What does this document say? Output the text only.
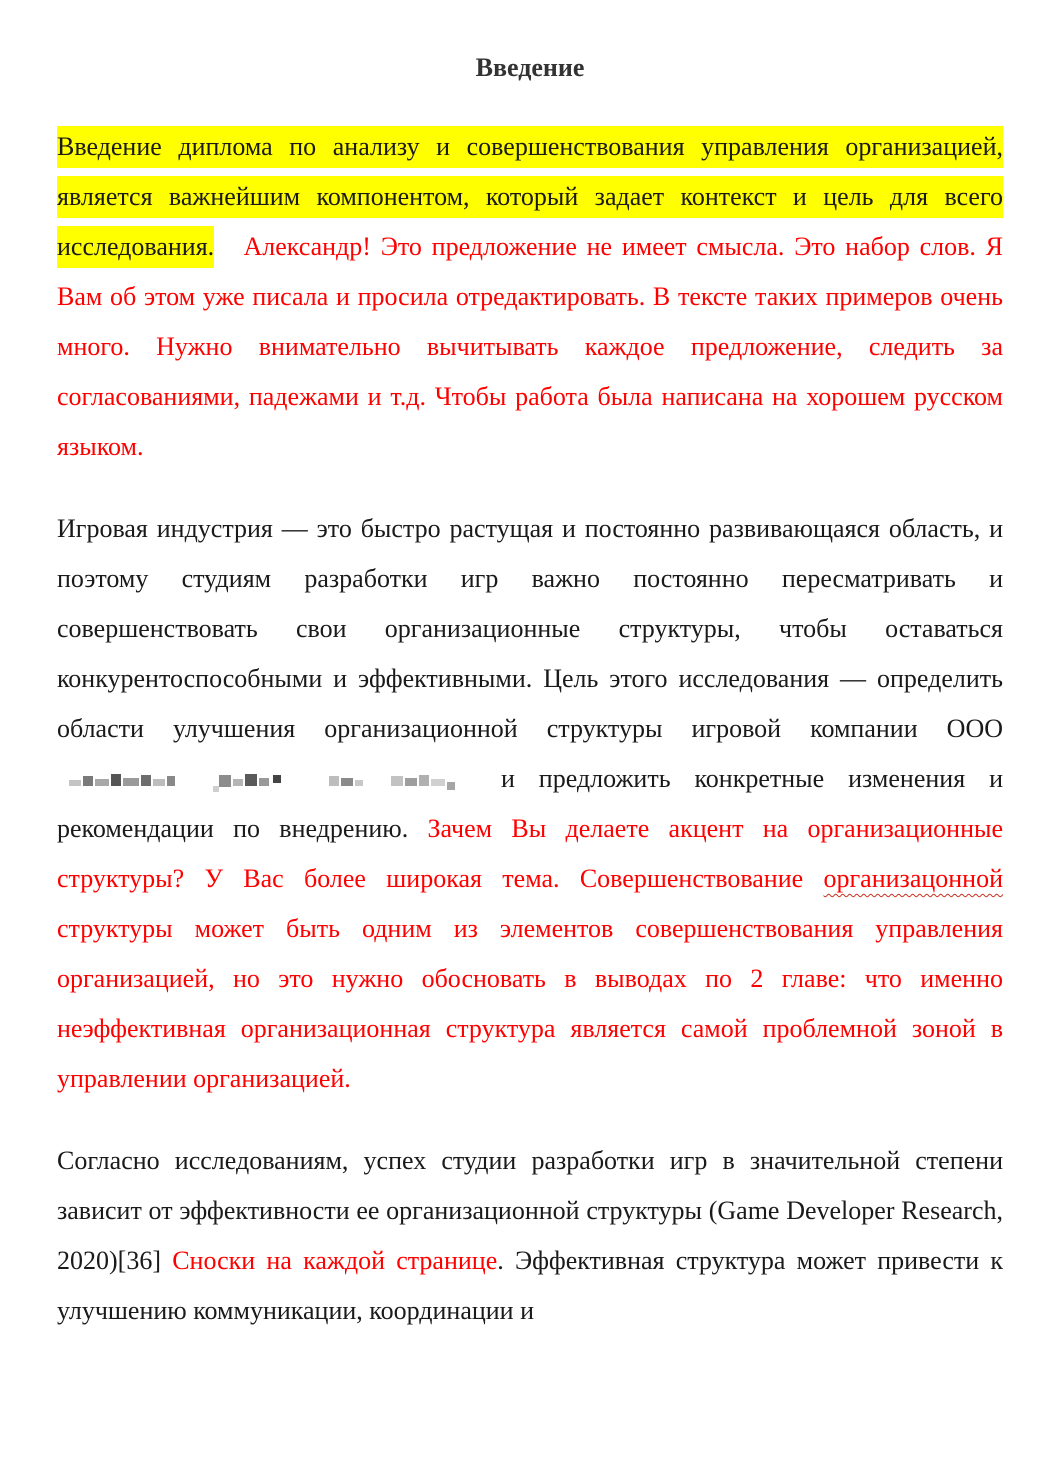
Введение

Введение диплома по анализу и совершенствования управления организацией, является важнейшим компонентом, который задает контекст и цель для всего исследования. Александр! Это предложение не имеет смысла. Это набор слов. Я Вам об этом уже писала и просила отредактировать. В тексте таких примеров очень много. Нужно внимательно вычитывать каждое предложение, следить за согласованиями, падежами и т.д. Чтобы работа была написана на хорошем русском языком.

Игровая индустрия — это быстро растущая и постоянно развивающаяся область, и поэтому студиям разработки игр важно постоянно пересматривать и совершенствовать свои организационные структуры, чтобы оставаться конкурентоспособными и эффективными. Цель этого исследования — определить области улучшения организационной структуры игровой компании ООО
и предложить конкретные изменения и рекомендации по внедрению. Зачем Вы делаете акцент на организационные структуры? У Вас более широкая тема. Совершенствование организацонной структуры может быть одним из элементов совершенствования управления организацией, но это нужно обосновать в выводах по 2 главе: что именно неэффективная организационная структура является самой проблемной зоной в управлении организацией.

Согласно исследованиям, успех студии разработки игр в значительной степени зависит от эффективности ее организационной структуры (Game Developer Research, 2020)[36] Сноски на каждой странице. Эффективная структура может привести к улучшению коммуникации, координации и
